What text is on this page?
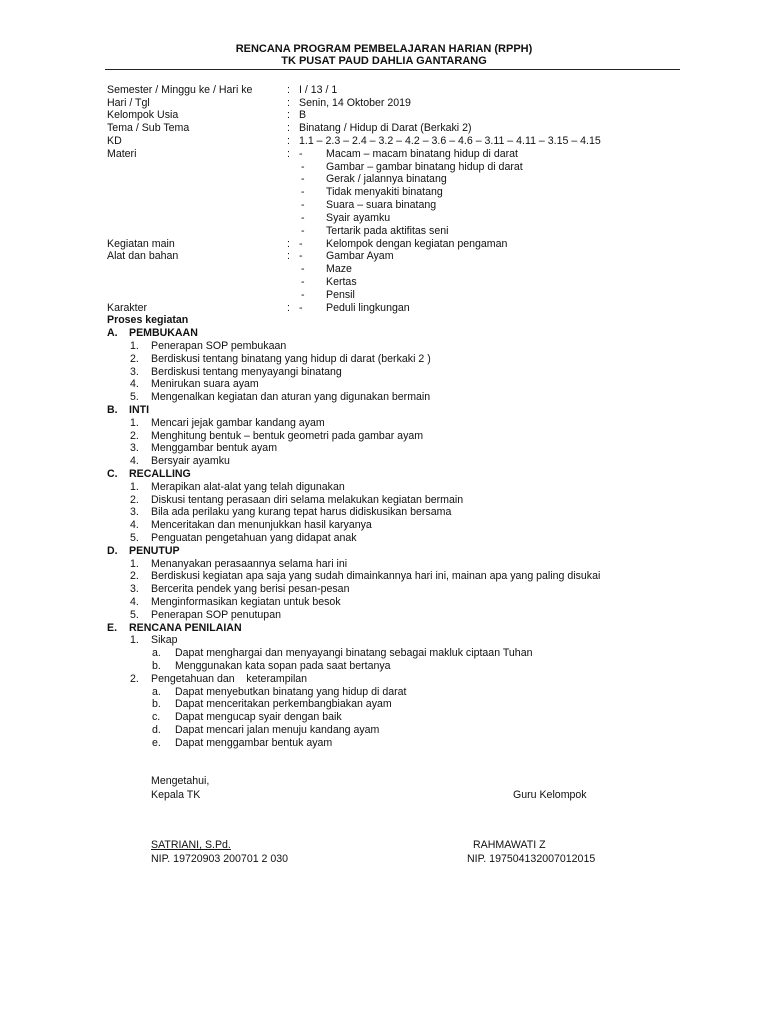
RENCANA PROGRAM PEMBELAJARAN HARIAN (RPPH)
TK PUSAT PAUD DAHLIA GANTARANG
Semester / Minggu ke / Hari ke	: I / 13 / 1
Hari / Tgl	: Senin, 14 Oktober 2019
Kelompok Usia	: B
Tema / Sub Tema	: Binatang / Hidup di Darat (Berkaki 2)
KD	: 1.1 – 2.3 – 2.4 – 3.2 – 4.2 – 3.6 – 4.6 – 3.11 – 4.11 – 3.15 – 4.15
Materi	: - Macam – macam binatang hidup di darat
- Gambar – gambar binatang hidup di darat
- Gerak / jalannya binatang
- Tidak menyakiti binatang
- Suara – suara binatang
- Syair ayamku
- Tertarik pada aktifitas seni
Kegiatan main	: - Kelompok dengan kegiatan pengaman
Alat dan bahan	: - Gambar Ayam
- Maze
- Kertas
- Pensil
Karakter	: - Peduli lingkungan
Proses kegiatan
A. PEMBUKAAN
1. Penerapan SOP pembukaan
2. Berdiskusi tentang binatang yang hidup di darat (berkaki 2 )
3. Berdiskusi tentang menyayangi binatang
4. Menirukan suara ayam
5. Mengenalkan kegiatan dan aturan yang digunakan bermain
B. INTI
1. Mencari jejak gambar kandang ayam
2. Menghitung bentuk – bentuk geometri pada gambar ayam
3. Menggambar bentuk ayam
4. Bersyair ayamku
C. RECALLING
1. Merapikan alat-alat yang telah digunakan
2. Diskusi tentang perasaan diri selama melakukan kegiatan bermain
3. Bila ada perilaku yang kurang tepat harus didiskusikan bersama
4. Menceritakan dan menunjukkan hasil karyanya
5. Penguatan pengetahuan yang didapat anak
D. PENUTUP
1. Menanyakan perasaannya selama hari ini
2. Berdiskusi kegiatan apa saja yang sudah dimainkannya hari ini, mainan apa yang paling disukai
3. Bercerita pendek yang berisi pesan-pesan
4. Menginformasikan kegiatan untuk besok
5. Penerapan SOP penutupan
E. RENCANA PENILAIAN
1. Sikap
a. Dapat menghargai dan menyayangi binatang sebagai makluk ciptaan Tuhan
b. Menggunakan kata sopan pada saat bertanya
2. Pengetahuan dan    keterampilan
a. Dapat menyebutkan binatang yang hidup di darat
b. Dapat menceritakan perkembangbiakan ayam
c. Dapat mengucap syair dengan baik
d. Dapat mencari jalan menuju kandang ayam
e. Dapat menggambar bentuk ayam
Mengetahui,
Kepala TK	Guru Kelompok
SATRIANI, S.Pd.
NIP. 19720903 200701 2 030
RAHMAWATI Z
NIP. 197504132007012015
